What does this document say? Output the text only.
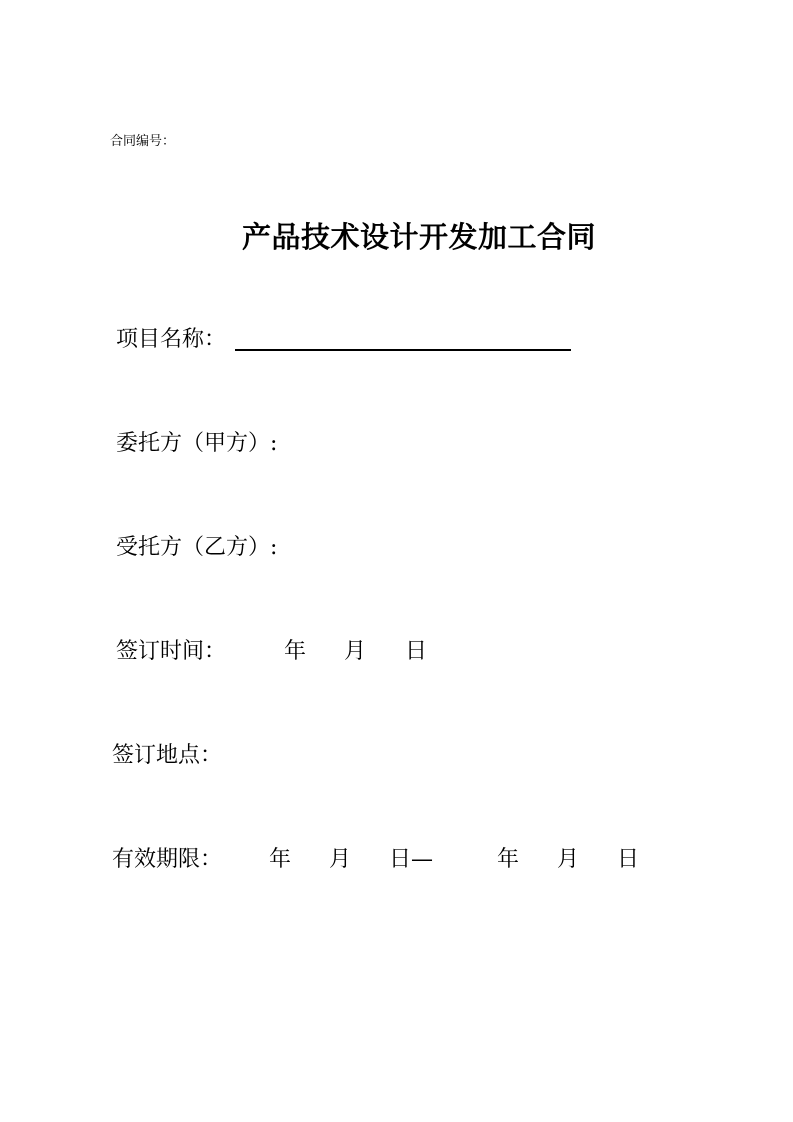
合同编号：
产品技术设计开发加工合同
项目名称：
委托方（甲方）:
受托方（乙方）:
签订时间：	年 月 日
签订地点：
有效期限： 年 月 日—	年 月 日
